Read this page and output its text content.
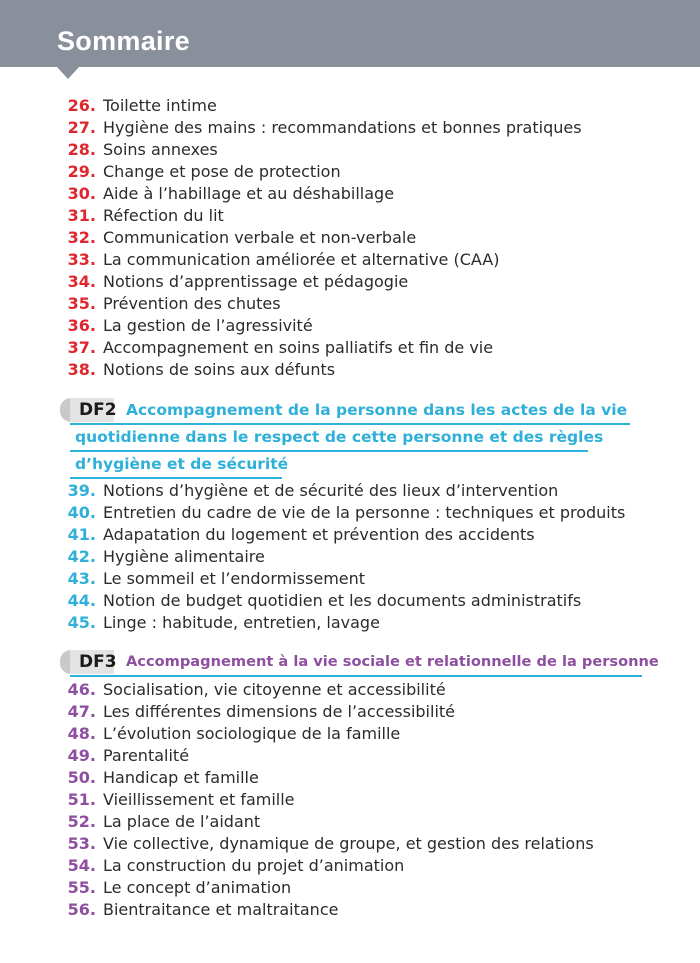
Sommaire
26. Toilette intime
27. Hygiène des mains : recommandations et bonnes pratiques
28. Soins annexes
29. Change et pose de protection
30. Aide à l’habillage et au déshabillage
31. Réfection du lit
32. Communication verbale et non-verbale
33. La communication améliorée et alternative (CAA)
34. Notions d’apprentissage et pédagogie
35. Prévention des chutes
36. La gestion de l’agressivité
37. Accompagnement en soins palliatifs et fin de vie
38. Notions de soins aux défunts
DF2 Accompagnement de la personne dans les actes de la vie
quotidienne dans le respect de cette personne et des règles
d’hygiène et de sécurité
39. Notions d’hygiène et de sécurité des lieux d’intervention
40. Entretien du cadre de vie de la personne : techniques et produits
41. Adapatation du logement et prévention des accidents
42. Hygiène alimentaire
43. Le sommeil et l’endormissement
44. Notion de budget quotidien et les documents administratifs
45. Linge : habitude, entretien, lavage
DF3 Accompagnement à la vie sociale et relationnelle de la personne
46. Socialisation, vie citoyenne et accessibilité
47. Les différentes dimensions de l’accessibilité
48. L’évolution sociologique de la famille
49. Parentalité
50. Handicap et famille
51. Vieillissement et famille
52. La place de l’aidant
53. Vie collective, dynamique de groupe, et gestion des relations
54. La construction du projet d’animation
55. Le concept d’animation
56. Bientraitance et maltraitance
